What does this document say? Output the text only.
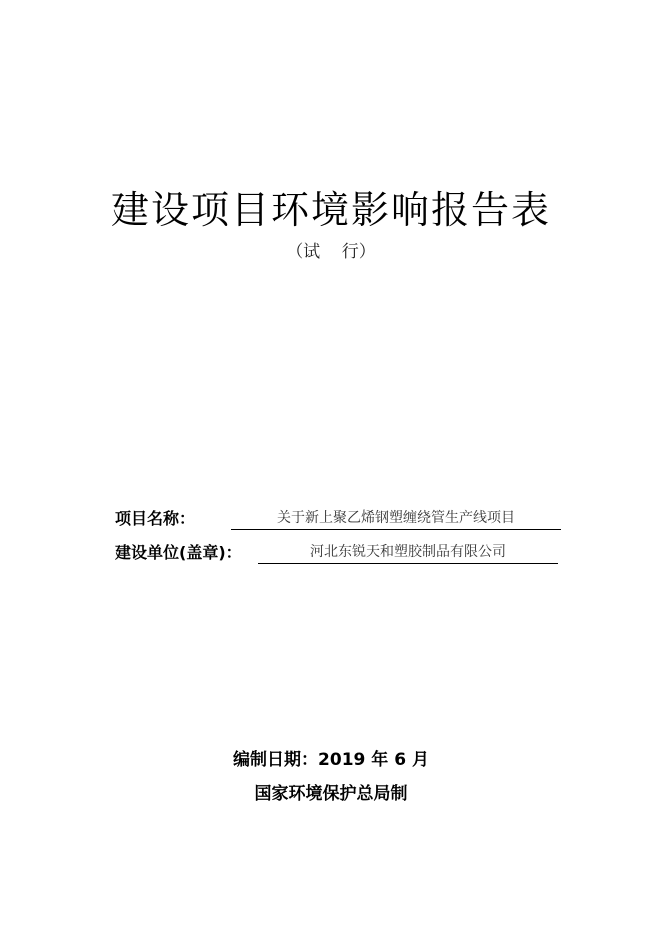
建设项目环境影响报告表
（试    行）
项目名称：	关于新上聚乙烯钢塑缠绕管生产线项目
建设单位(盖章)：	河北东锐天和塑胶制品有限公司
编制日期：2019 年 6 月
国家环境保护总局制
